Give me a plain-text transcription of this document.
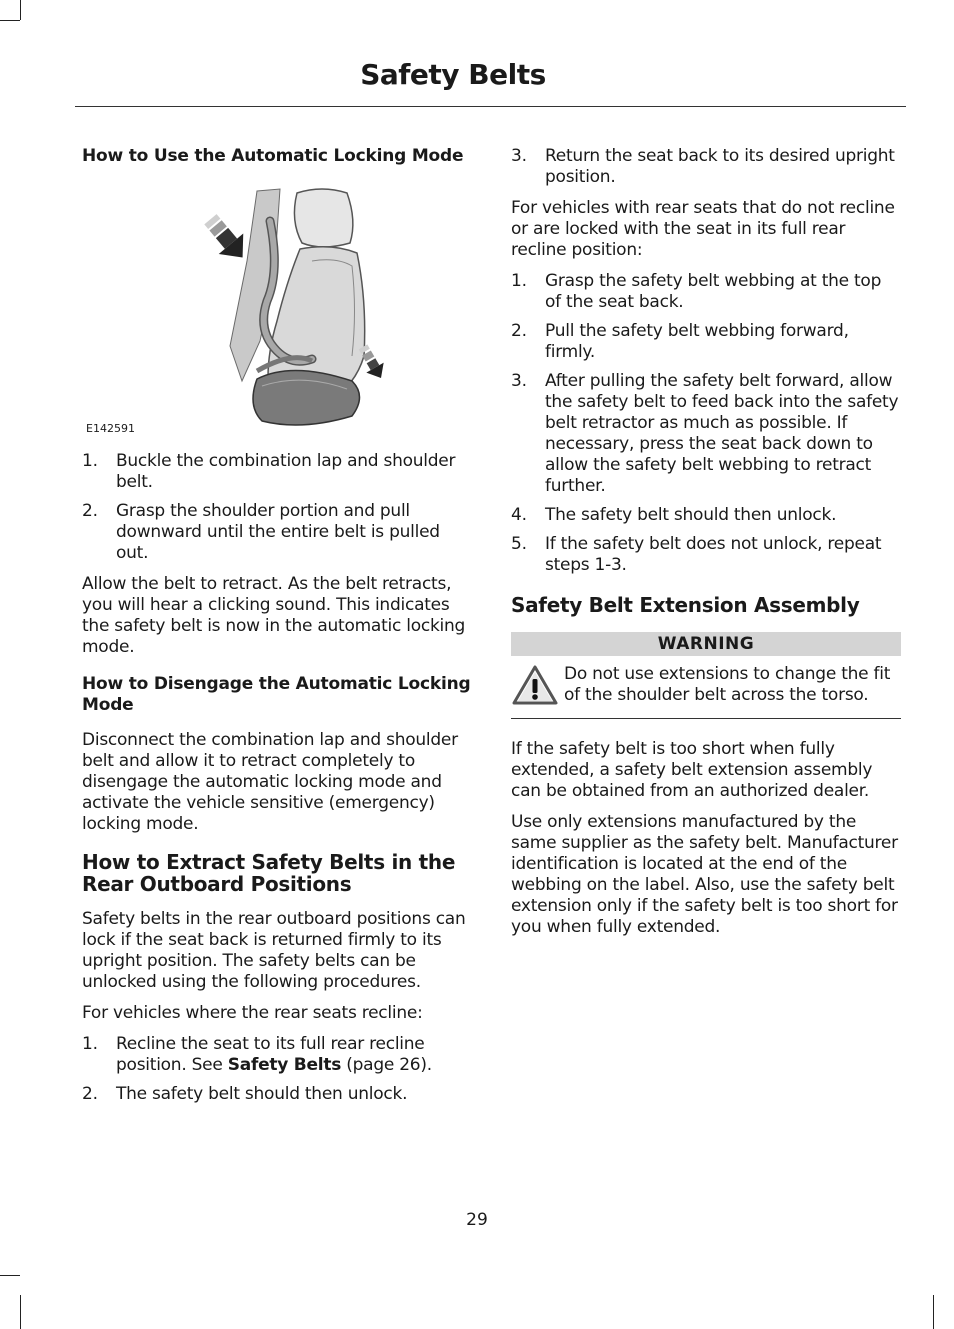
Safety Belts
How to Use the Automatic Locking Mode
E142591
1.	Buckle the combination lap and shoulder belt.
2.	Grasp the shoulder portion and pull downward until the entire belt is pulled out.

Allow the belt to retract. As the belt retracts, you will hear a clicking sound. This indicates the safety belt is now in the automatic locking mode.

How to Disengage the Automatic Locking Mode

Disconnect the combination lap and shoulder belt and allow it to retract completely to disengage the automatic locking mode and activate the vehicle sensitive (emergency) locking mode.

How to Extract Safety Belts in the Rear Outboard Positions

Safety belts in the rear outboard positions can lock if the seat back is returned firmly to its upright position. The safety belts can be unlocked using the following procedures.

For vehicles where the rear seats recline:

1.	Recline the seat to its full rear recline position. See Safety Belts (page 26).
2.	The safety belt should then unlock.
3.	Return the seat back to its desired upright position.

For vehicles with rear seats that do not recline or are locked with the seat in its full rear recline position:

1.	Grasp the safety belt webbing at the top of the seat back.
2.	Pull the safety belt webbing forward, firmly.
3.	After pulling the safety belt forward, allow the safety belt to feed back into the safety belt retractor as much as possible. If necessary, press the seat back down to allow the safety belt webbing to retract further.
4.	The safety belt should then unlock.
5.	If the safety belt does not unlock, repeat steps 1-3.
Safety Belt Extension Assembly
WARNING
Do not use extensions to change the fit of the shoulder belt across the torso.

If the safety belt is too short when fully extended, a safety belt extension assembly can be obtained from an authorized dealer.

Use only extensions manufactured by the same supplier as the safety belt. Manufacturer identification is located at the end of the webbing on the label. Also, use the safety belt extension only if the safety belt is too short for you when fully extended.

29
